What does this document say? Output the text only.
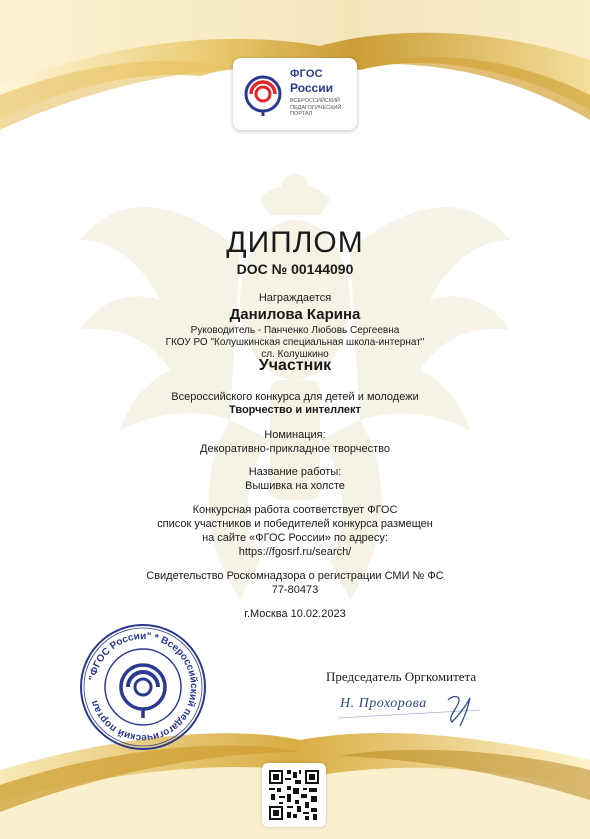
ФГОС
России
ВСЕРОССИЙСКИЙ ПЕДАГОГИЧЕСКИЙ ПОРТАЛ
ДИПЛОМ
DOC № 00144090
Награждается
Данилова Карина
Руководитель - Панченко Любовь Сергеевна
ГКОУ РО "Колушкинская специальная школа-интернат"
сл. Колушкино
Участник
Всероссийского конкурса для детей и молодежи
Творчество и интеллект
Номинация:
Декоративно-прикладное творчество
Название работы:
Вышивка на холсте
Конкурсная работа соответствует ФГОС
список участников и победителей конкурса размещен
на сайте «ФГОС России» по адресу:
https://fgosrf.ru/search/
Свидетельство Роскомнадзора о регистрации СМИ № ФС
77-80473
г.Москва 10.02.2023
"ФГОС России" * Всероссийский педагогический портал
Председатель Оргкомитета
Н. Прохорова
